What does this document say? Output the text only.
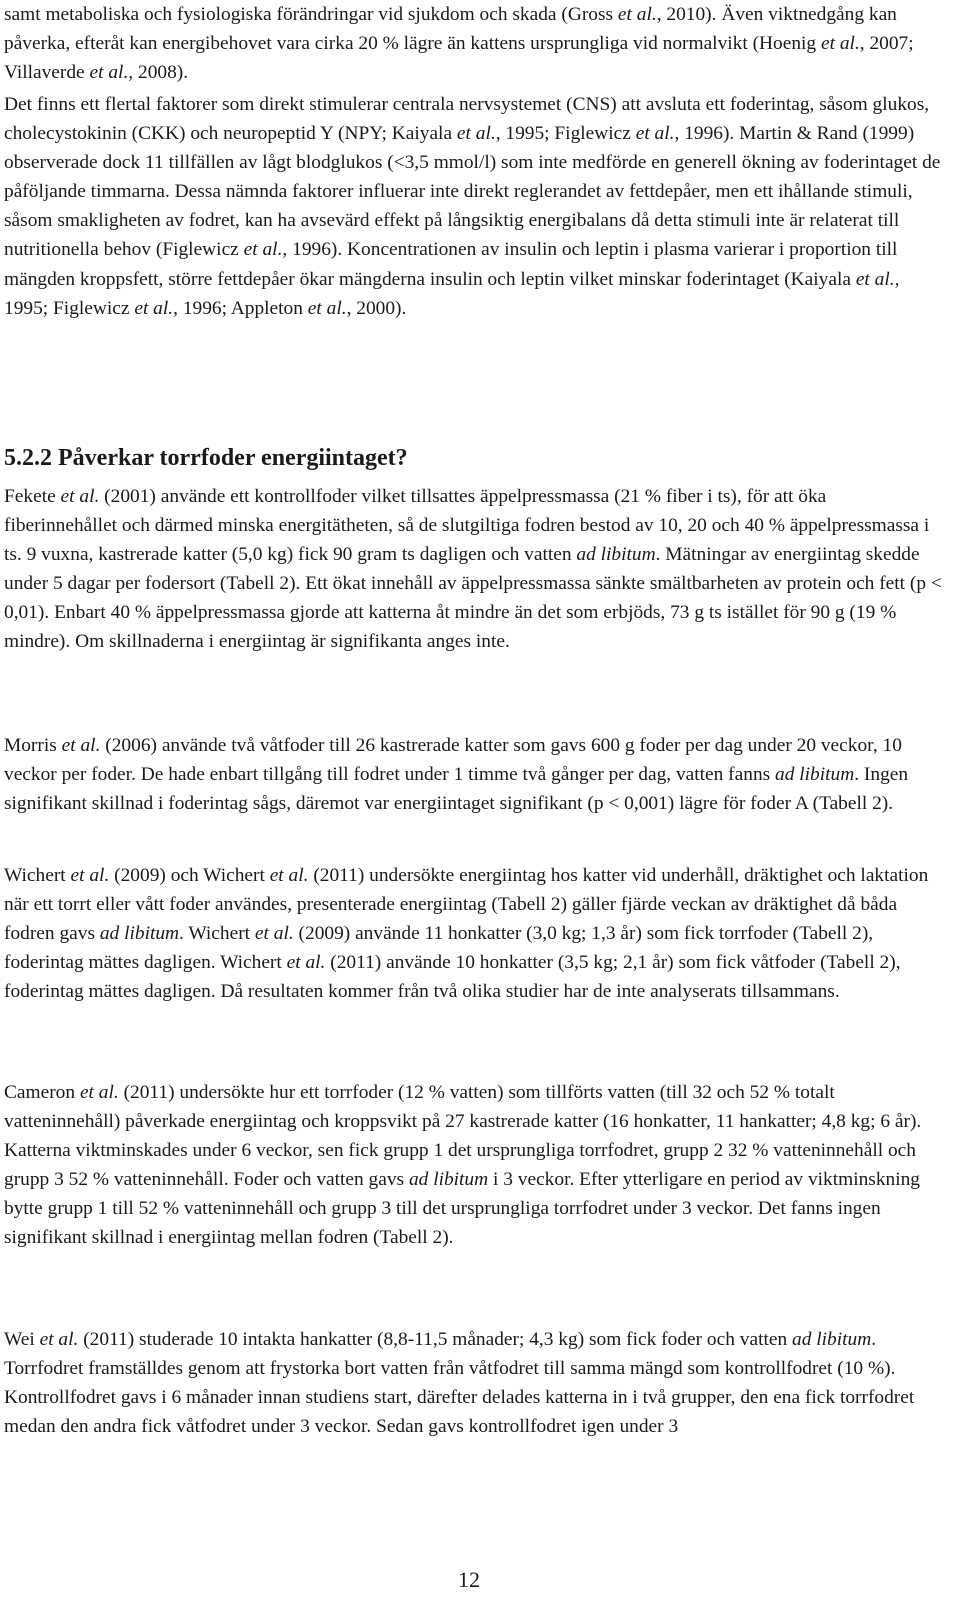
samt metaboliska och fysiologiska förändringar vid sjukdom och skada (Gross et al., 2010). Även viktnedgång kan påverka, efteråt kan energibehovet vara cirka 20 % lägre än kattens ursprungliga vid normalvikt (Hoenig et al., 2007; Villaverde et al., 2008).
Det finns ett flertal faktorer som direkt stimulerar centrala nervsystemet (CNS) att avsluta ett foderintag, såsom glukos, cholecystokinin (CKK) och neuropeptid Y (NPY; Kaiyala et al., 1995; Figlewicz et al., 1996). Martin & Rand (1999) observerade dock 11 tillfällen av lågt blodglukos (<3,5 mmol/l) som inte medförde en generell ökning av foderintaget de påföljande timmarna. Dessa nämnda faktorer influerar inte direkt reglerandet av fettdepåer, men ett ihållande stimuli, såsom smakligheten av fodret, kan ha avsevärd effekt på långsiktig energibalans då detta stimuli inte är relaterat till nutritionella behov (Figlewicz et al., 1996). Koncentrationen av insulin och leptin i plasma varierar i proportion till mängden kroppsfett, större fettdepåer ökar mängderna insulin och leptin vilket minskar foderintaget (Kaiyala et al., 1995; Figlewicz et al., 1996; Appleton et al., 2000).
5.2.2 Påverkar torrfoder energiintaget?
Fekete et al. (2001) använde ett kontrollfoder vilket tillsattes äppelpressmassa (21 % fiber i ts), för att öka fiberinnehållet och därmed minska energitätheten, så de slutgiltiga fodren bestod av 10, 20 och 40 % äppelpressmassa i ts. 9 vuxna, kastrerade katter (5,0 kg) fick 90 gram ts dagligen och vatten ad libitum. Mätningar av energiintag skedde under 5 dagar per fodersort (Tabell 2). Ett ökat innehåll av äppelpressmassa sänkte smältbarheten av protein och fett (p < 0,01). Enbart 40 % äppelpressmassa gjorde att katterna åt mindre än det som erbjöds, 73 g ts istället för 90 g (19 % mindre). Om skillnaderna i energiintag är signifikanta anges inte.
Morris et al. (2006) använde två våtfoder till 26 kastrerade katter som gavs 600 g foder per dag under 20 veckor, 10 veckor per foder. De hade enbart tillgång till fodret under 1 timme två gånger per dag, vatten fanns ad libitum. Ingen signifikant skillnad i foderintag sågs, däremot var energiintaget signifikant (p < 0,001) lägre för foder A (Tabell 2).
Wichert et al. (2009) och Wichert et al. (2011) undersökte energiintag hos katter vid underhåll, dräktighet och laktation när ett torrt eller vått foder användes, presenterade energiintag (Tabell 2) gäller fjärde veckan av dräktighet då båda fodren gavs ad libitum. Wichert et al. (2009) använde 11 honkatter (3,0 kg; 1,3 år) som fick torrfoder (Tabell 2), foderintag mättes dagligen. Wichert et al. (2011) använde 10 honkatter (3,5 kg; 2,1 år) som fick våtfoder (Tabell 2), foderintag mättes dagligen. Då resultaten kommer från två olika studier har de inte analyserats tillsammans.
Cameron et al. (2011) undersökte hur ett torrfoder (12 % vatten) som tillförts vatten (till 32 och 52 % totalt vatteninnehåll) påverkade energiintag och kroppsvikt på 27 kastrerade katter (16 honkatter, 11 hankatter; 4,8 kg; 6 år). Katterna viktminskades under 6 veckor, sen fick grupp 1 det ursprungliga torrfodret, grupp 2 32 % vatteninnehåll och grupp 3 52 % vatteninnehåll. Foder och vatten gavs ad libitum i 3 veckor. Efter ytterligare en period av viktminskning bytte grupp 1 till 52 % vatteninnehåll och grupp 3 till det ursprungliga torrfodret under 3 veckor. Det fanns ingen signifikant skillnad i energiintag mellan fodren (Tabell 2).
Wei et al. (2011) studerade 10 intakta hankatter (8,8-11,5 månader; 4,3 kg) som fick foder och vatten ad libitum. Torrfodret framställdes genom att frystorka bort vatten från våtfodret till samma mängd som kontrollfodret (10 %). Kontrollfodret gavs i 6 månader innan studiens start, därefter delades katterna in i två grupper, den ena fick torrfodret medan den andra fick våtfodret under 3 veckor. Sedan gavs kontrollfodret igen under 3
12
